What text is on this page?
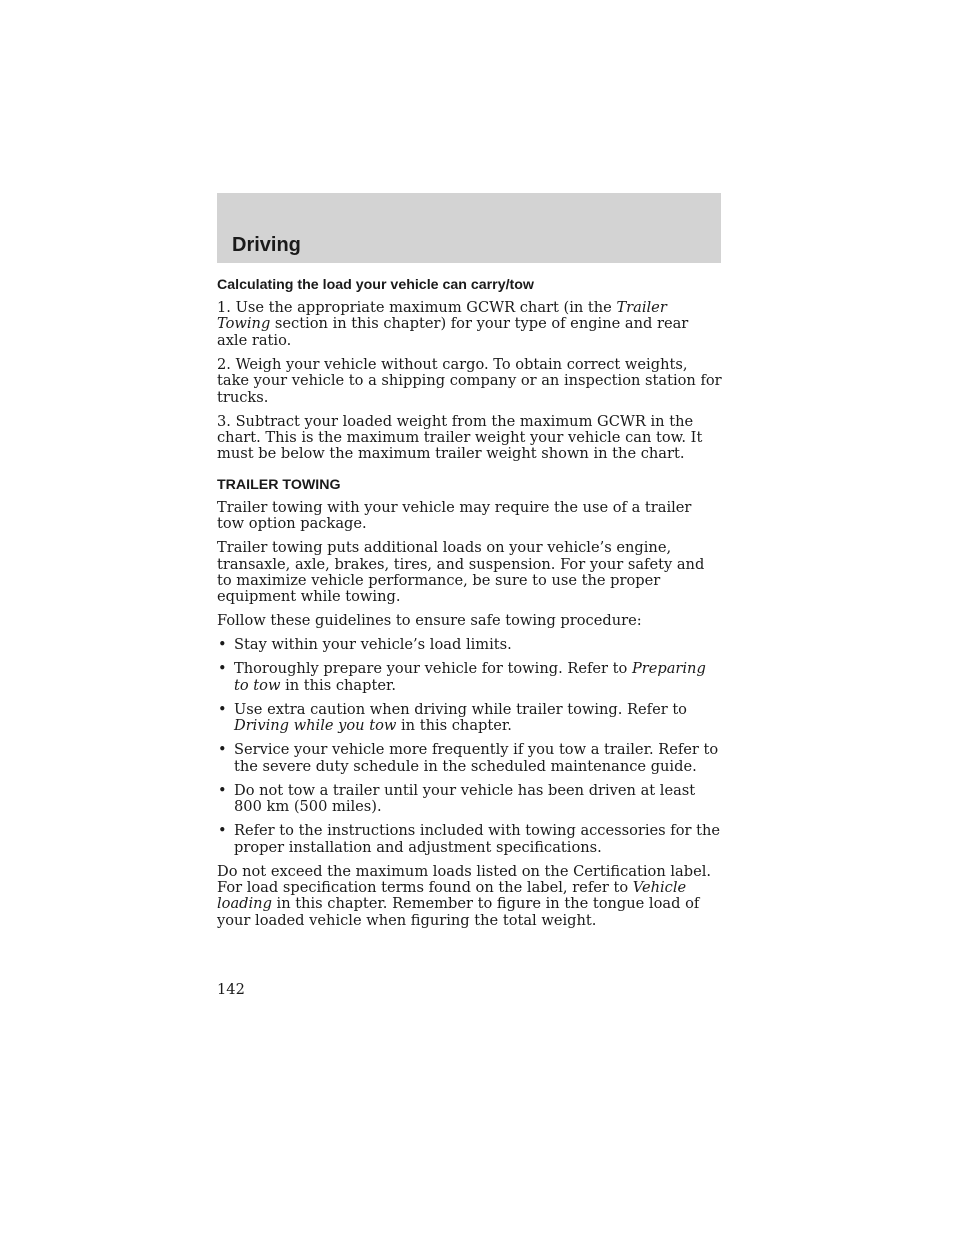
Driving
Calculating the load your vehicle can carry/tow

1. Use the appropriate maximum GCWR chart (in the Trailer Towing section in this chapter) for your type of engine and rear axle ratio.

2. Weigh your vehicle without cargo. To obtain correct weights, take your vehicle to a shipping company or an inspection station for trucks.

3. Subtract your loaded weight from the maximum GCWR in the chart. This is the maximum trailer weight your vehicle can tow. It must be below the maximum trailer weight shown in the chart.

TRAILER TOWING

Trailer towing with your vehicle may require the use of a trailer tow option package.

Trailer towing puts additional loads on your vehicle’s engine, transaxle, axle, brakes, tires, and suspension. For your safety and to maximize vehicle performance, be sure to use the proper equipment while towing.

Follow these guidelines to ensure safe towing procedure:

• Stay within your vehicle’s load limits.
• Thoroughly prepare your vehicle for towing. Refer to Preparing to tow in this chapter.
• Use extra caution when driving while trailer towing. Refer to Driving while you tow in this chapter.
• Service your vehicle more frequently if you tow a trailer. Refer to the severe duty schedule in the scheduled maintenance guide.
• Do not tow a trailer until your vehicle has been driven at least 800 km (500 miles).
• Refer to the instructions included with towing accessories for the proper installation and adjustment specifications.

Do not exceed the maximum loads listed on the Certification label. For load specification terms found on the label, refer to Vehicle loading in this chapter. Remember to figure in the tongue load of your loaded vehicle when figuring the total weight.

142
